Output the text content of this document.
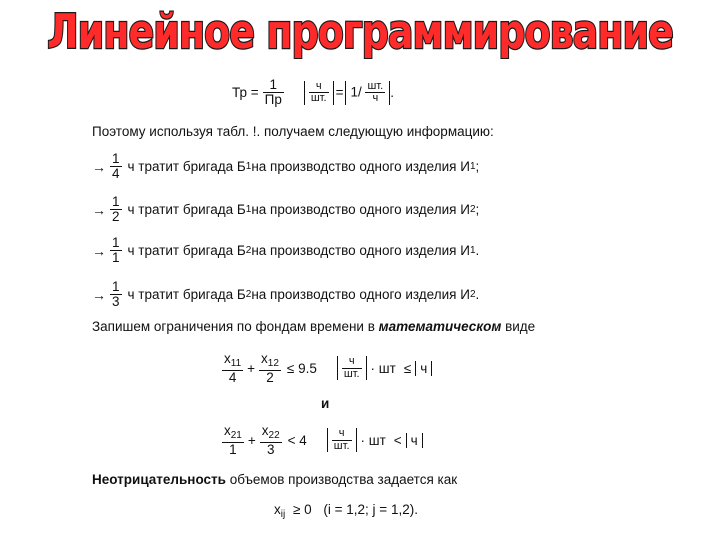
Линейное программирование
Тр = $\frac{1}{Пр} \frac{ч}{шт.} = 1/ \frac{шт.}{ч}$ .
Поэтому используя табл. !. получаем следующую информацию:
→ $\frac{1}{4}$ ч тратит бригада Б 1 на производство одного изделия И 1 ;
→ $\frac{1}{2}$ ч тратит бригада Б 1 на производство одного изделия И 2 ;
→ $\frac{1}{1}$ ч тратит бригада Б 2 на производство одного изделия И 1 .
→ $\frac{1}{3}$ ч тратит бригада Б 2 на производство одного изделия И 2 .
Запишем ограничения по фондам времени в математическом виде
$\frac{x_{11}}{4} + \frac{x_{12}}{2} \le 9.5 \frac{ч}{шт.}$ · шт ≤ ч
и
$\frac{x_{21}}{1} + \frac{x_{22}}{3} < 4 \frac{ч}{шт.}$ · шт < ч
Неотрицательность объемов производства задается как
$x_{ij} \ge 0$ (i = 1,2; j = 1,2).
